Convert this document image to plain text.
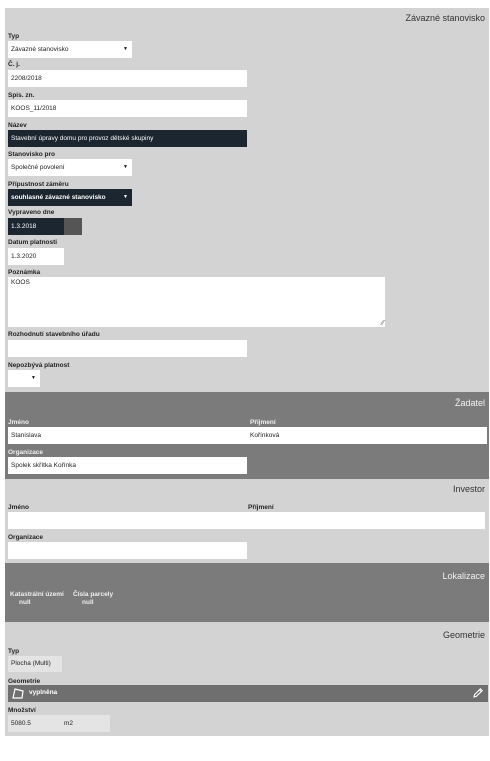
Závazné stanovisko
Typ
Závazné stanovisko	▼
Č. j.
2208/2018
Spis. zn.
KOOS_11/2018
Název
Stavební úpravy domu pro provoz dětské skupiny
Stanovisko pro
Společné povolení	▼
Přípustnost záměru
souhlasné závazné stanovisko	▼
Vypraveno dne
1.3.2018
Datum platnosti
1.3.2020
Poznámka
KOOS
⁄⁄
Rozhodnutí stavebního úřadu
Nepozbývá platnost
▼
Žadatel
Jméno
Stanislava
Příjmení
Kořínková
Organizace
Spolek skřítka Kořínka
Investor
Jméno	Příjmení
Organizace
Lokalizace
Katastrální území
null
Čísla parcely
null
Geometrie
Typ
Plocha (Multi)
Geometrie
vyplněna
Množství
5080.5	m2
